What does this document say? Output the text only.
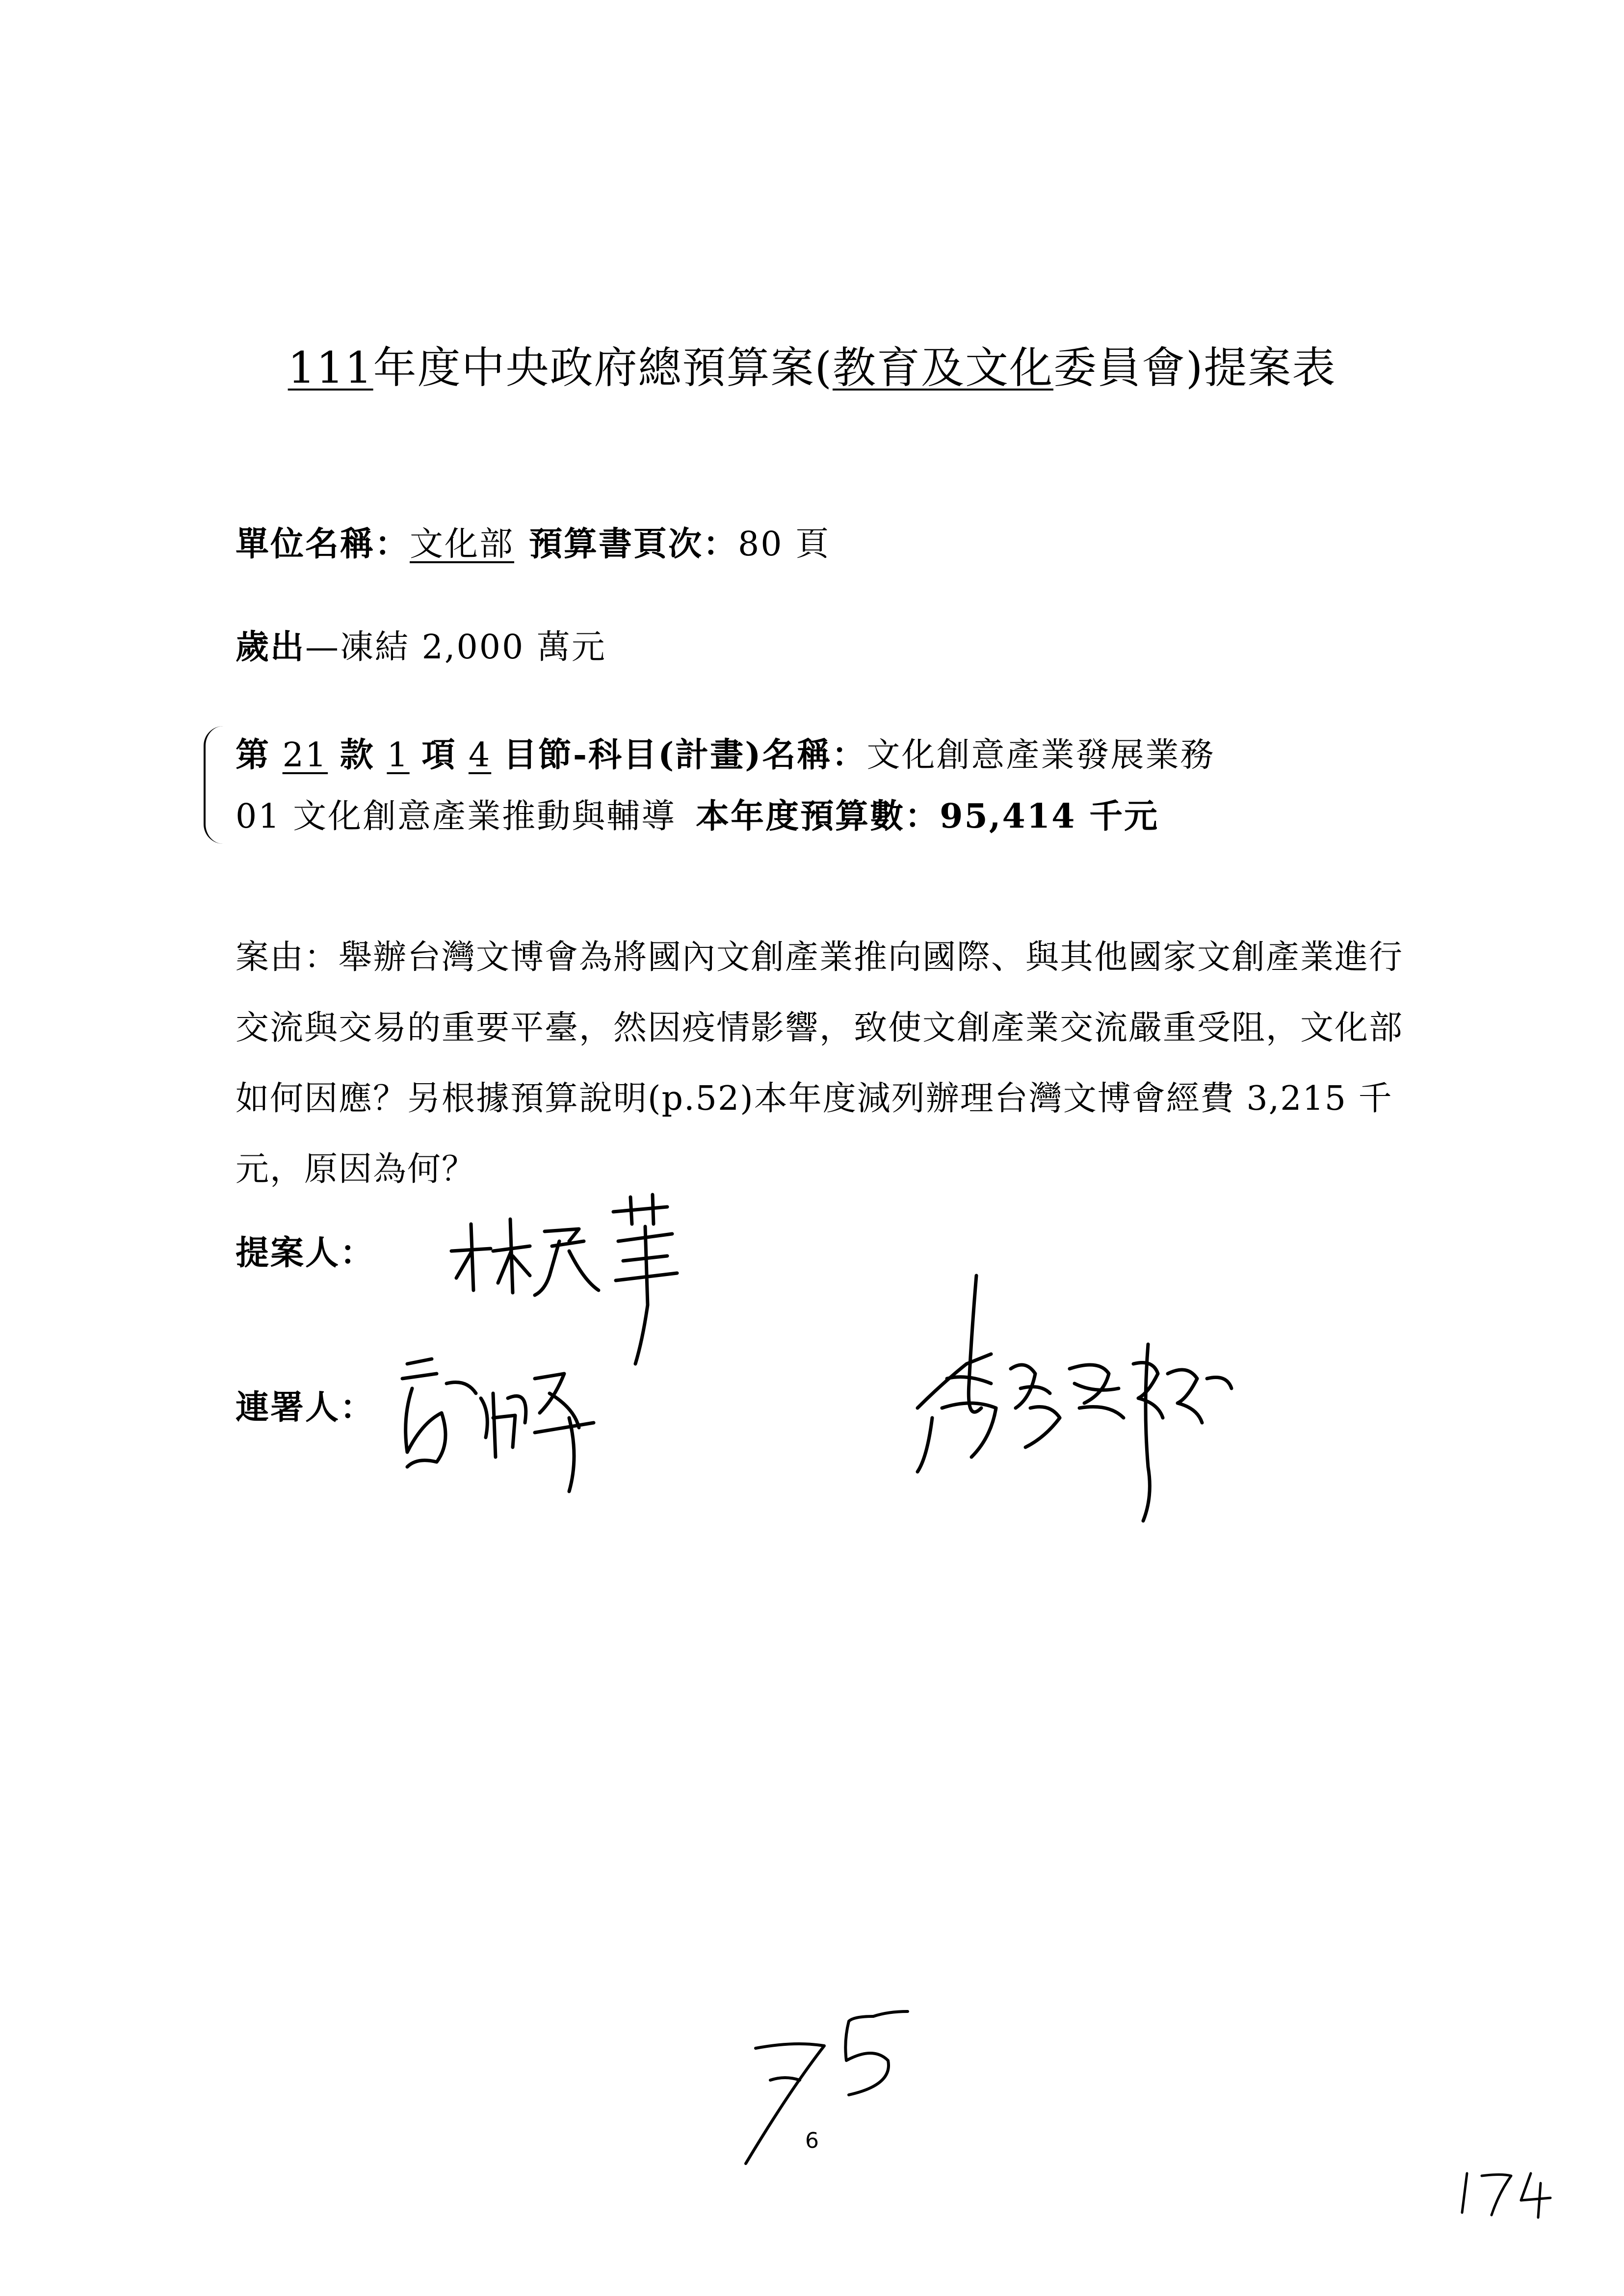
111年度中央政府總預算案(教育及文化委員會)提案表
單位名稱：文化部 預算書頁次：80 頁
歲出—凍結 2,000 萬元
第 21 款 1 項 4 目節-科目(計畫)名稱：文化創意產業發展業務
01 文化創意產業推動與輔導 本年度預算數：95,414 千元
案由：舉辦台灣文博會為將國內文創產業推向國際、與其他國家文創產業進行交流與交易的重要平臺，然因疫情影響，致使文創產業交流嚴重受阻，文化部如何因應？另根據預算說明(p.52)本年度減列辦理台灣文博會經費 3,215 千元，原因為何？
提案人：
連署人：
6
